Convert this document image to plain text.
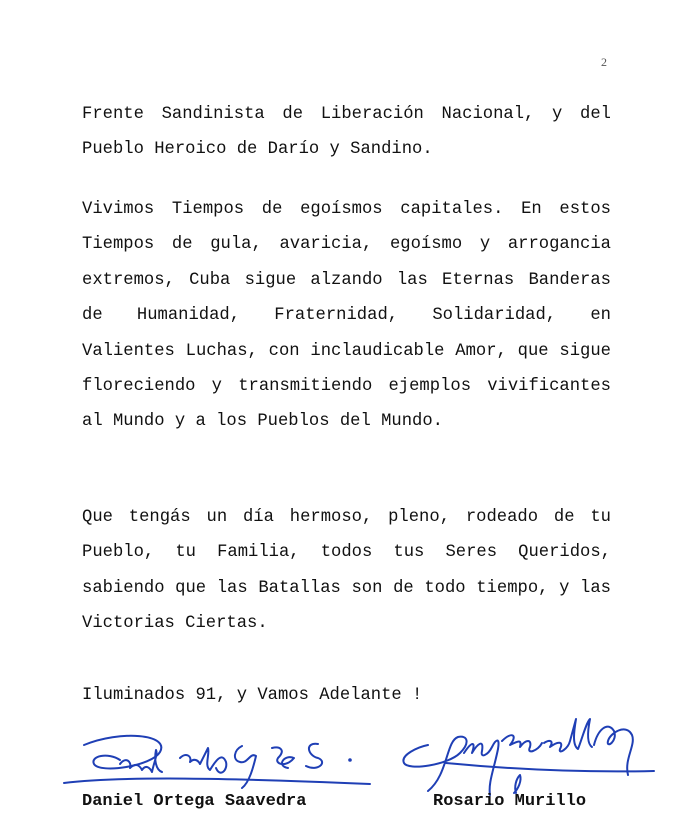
2

Frente Sandinista de Liberación Nacional, y del Pueblo Heroico de Darío y Sandino.

Vivimos Tiempos de egoísmos capitales. En estos Tiempos de gula, avaricia, egoísmo y arrogancia extremos, Cuba sigue alzando las Eternas Banderas de Humanidad, Fraternidad, Solidaridad, en Valientes Luchas, con inclaudicable Amor, que sigue floreciendo y transmitiendo ejemplos vivificantes al Mundo y a los Pueblos del Mundo.

Que tengás un día hermoso, pleno, rodeado de tu Pueblo, tu Familia, todos tus Seres Queridos, sabiendo que las Batallas son de todo tiempo, y las Victorias Ciertas.

Iluminados 91, y Vamos Adelante !

Daniel Ortega Saavedra	Rosario Murillo
